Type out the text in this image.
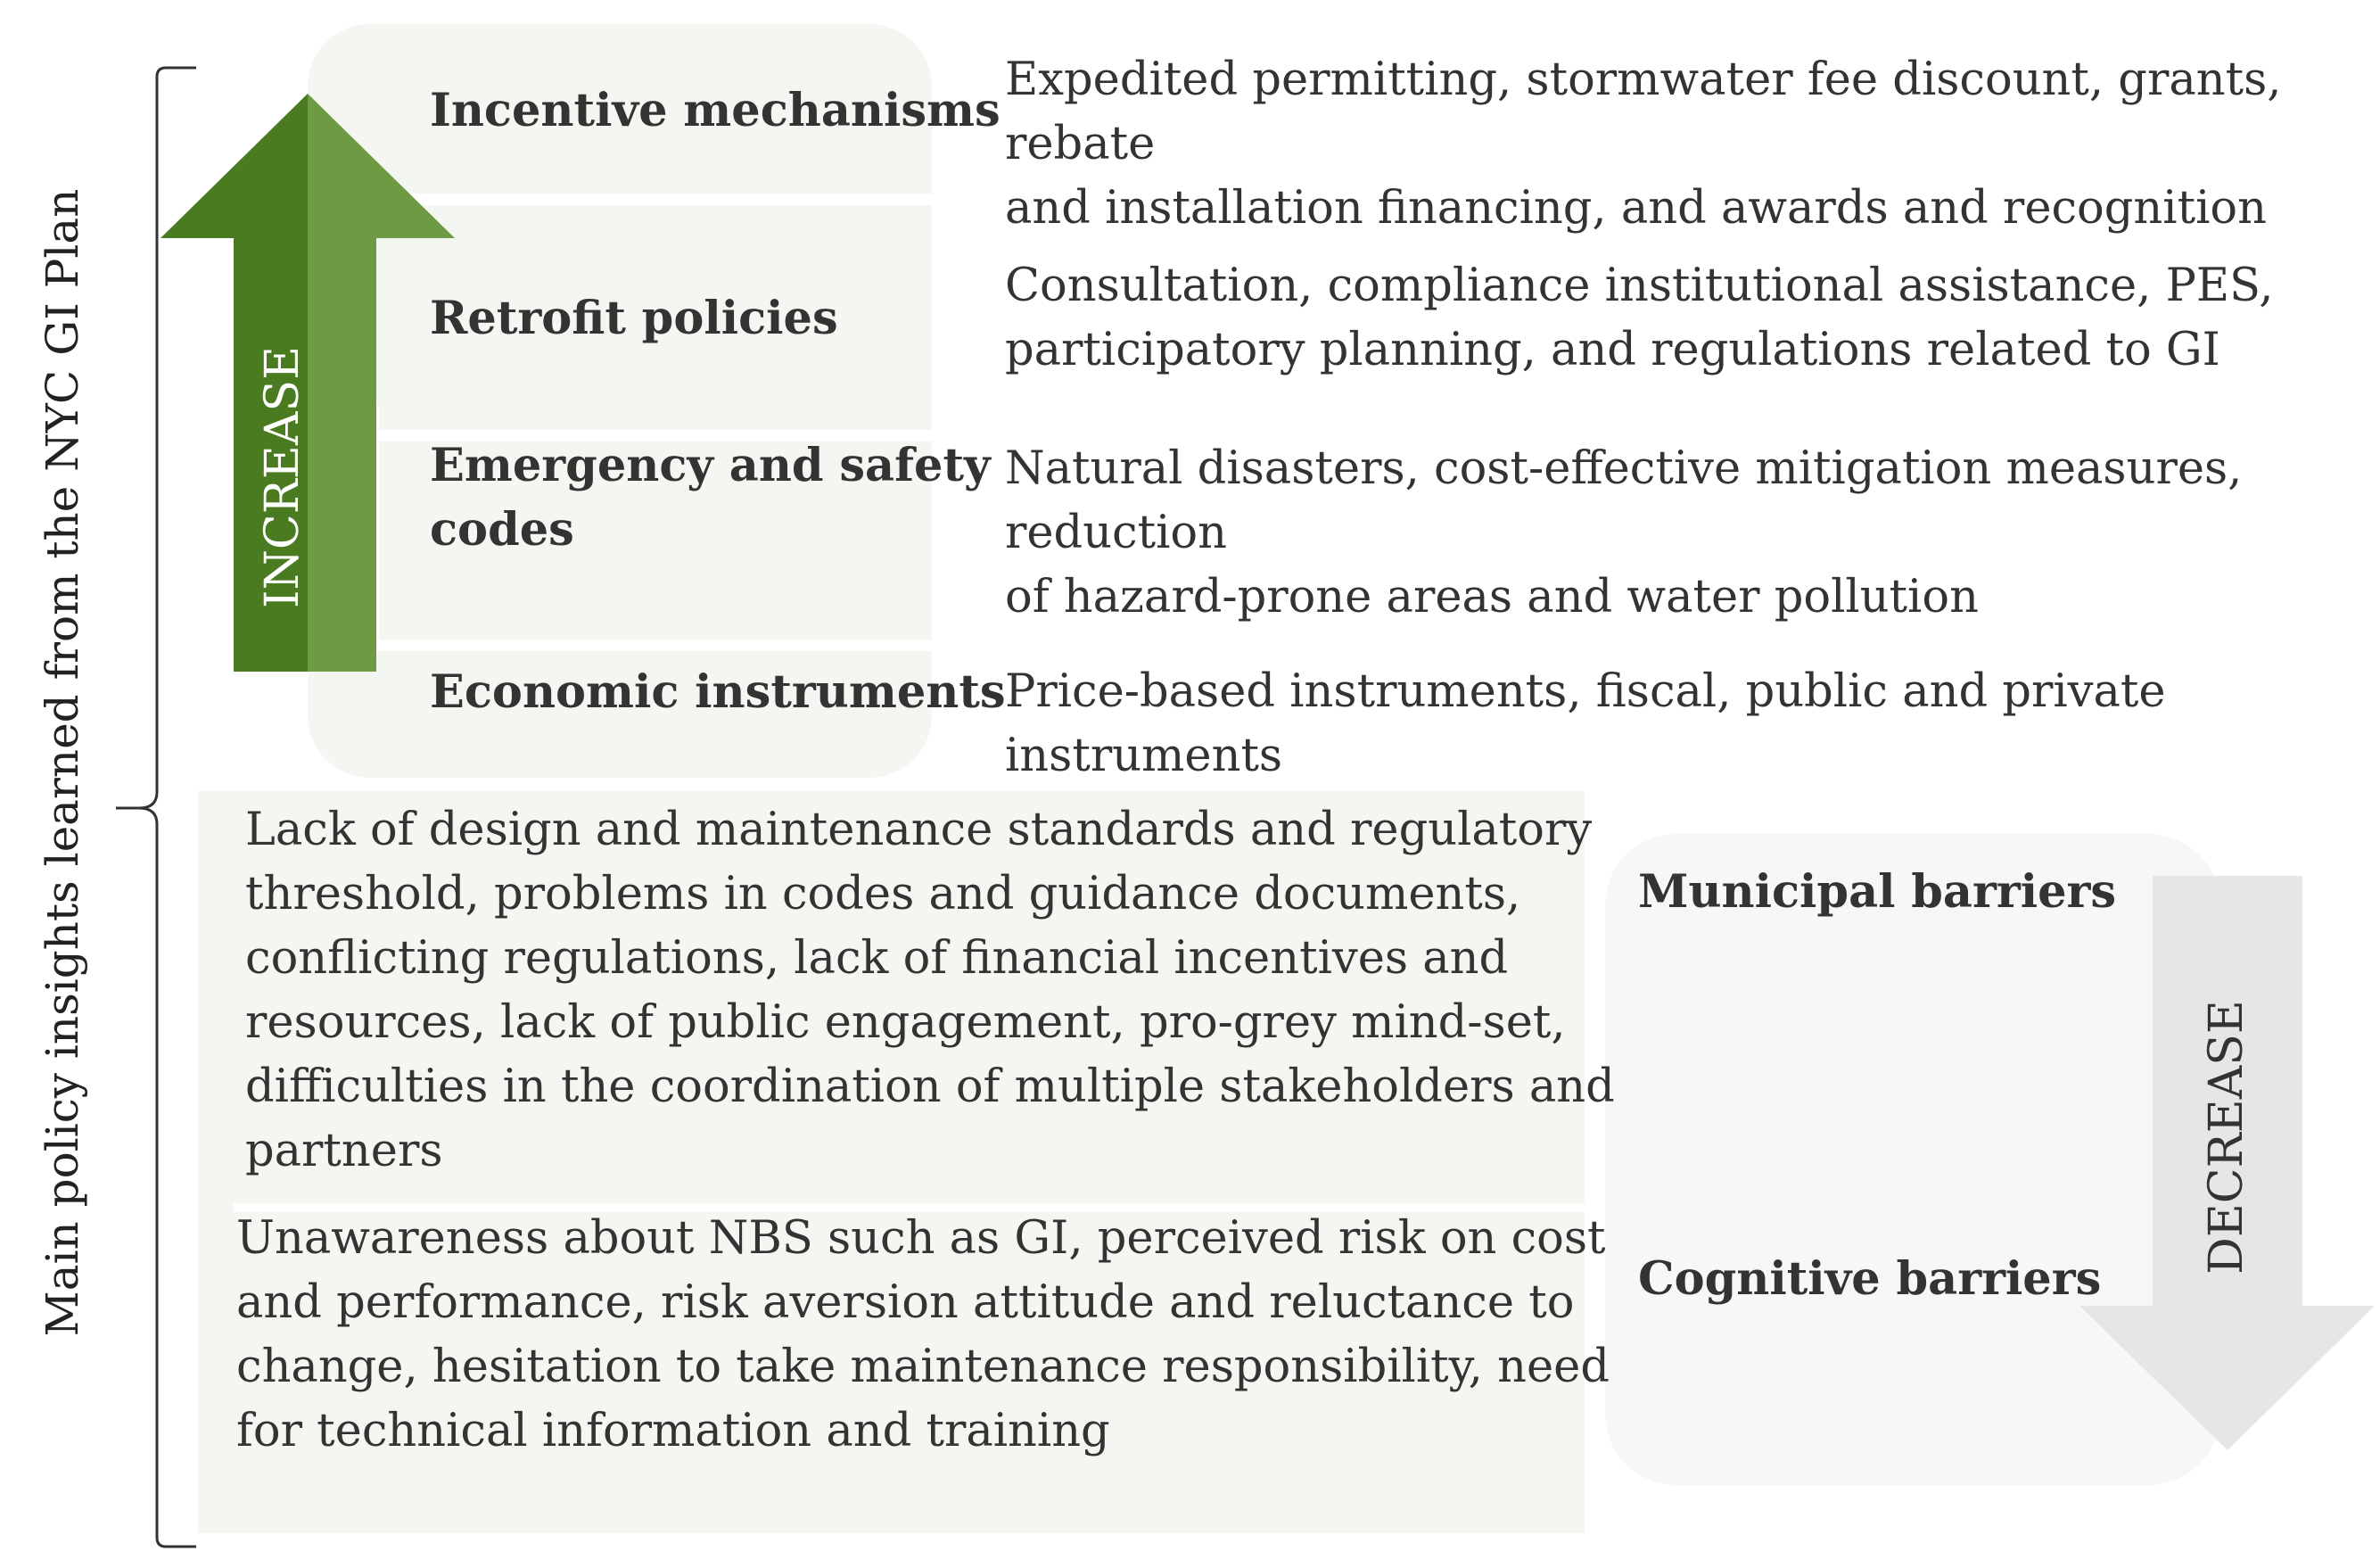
Main policy insights learned from the NYC GI Plan	INCREASE
Incentive mechanisms
Retrofit policies
Emergency and safety
codes
Economic instruments
Expedited permitting, stormwater fee discount, grants, rebate
and installation financing, and awards and recognition
Consultation, compliance institutional assistance, PES,
participatory planning, and regulations related to GI
Natural disasters, cost-effective mitigation measures, reduction
of hazard-prone areas and water pollution
Price-based instruments, fiscal, public and private instruments
Lack of design and maintenance standards and regulatory
threshold, problems in codes and guidance documents,
conflicting regulations, lack of financial incentives and
resources, lack of public engagement, pro-grey mind-set,
difficulties in the coordination of multiple stakeholders and
partners
Unawareness about NBS such as GI, perceived risk on cost
and performance, risk aversion attitude and reluctance to
change, hesitation to take maintenance responsibility, need
for technical information and training
Municipal barriers
Cognitive barriers
DECREASE
